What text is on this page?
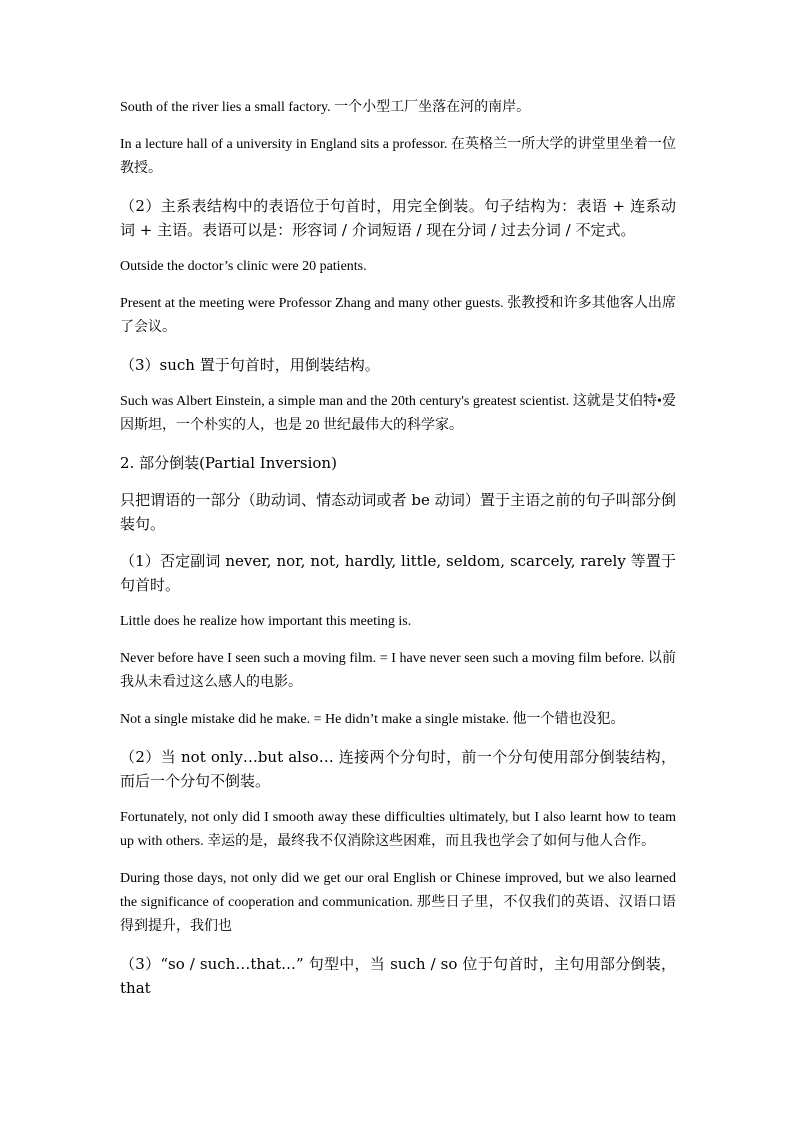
South of the river lies a small factory. 一个小型工厂坐落在河的南岸。

In a lecture hall of a university in England sits a professor. 在英格兰一所大学的讲堂里坐着一位教授。

（2）主系表结构中的表语位于句首时，用完全倒装。句子结构为：表语 + 连系动词 + 主语。表语可以是：形容词 / 介词短语 / 现在分词 / 过去分词 / 不定式。

Outside the doctor’s clinic were 20 patients.

Present at the meeting were Professor Zhang and many other guests. 张教授和许多其他客人出席了会议。

（3）such 置于句首时，用倒装结构。

Such was Albert Einstein, a simple man and the 20th century's greatest scientist. 这就是艾伯特•爱因斯坦，一个朴实的人，也是 20 世纪最伟大的科学家。

2. 部分倒装(Partial Inversion)

只把谓语的一部分（助动词、情态动词或者 be 动词）置于主语之前的句子叫部分倒装句。

（1）否定副词 never, nor, not, hardly, little, seldom, scarcely, rarely 等置于句首时。

Little does he realize how important this meeting is.

Never before have I seen such a moving film. = I have never seen such a moving film before. 以前我从未看过这么感人的电影。

Not a single mistake did he make. = He didn’t make a single mistake. 他一个错也没犯。

（2）当 not only…but also… 连接两个分句时，前一个分句使用部分倒装结构，而后一个分句不倒装。

Fortunately, not only did I smooth away these difficulties ultimately, but I also learnt how to team up with others. 幸运的是，最终我不仅消除这些困难，而且我也学会了如何与他人合作。

During those days, not only did we get our oral English or Chinese improved, but we also learned the significance of cooperation and communication. 那些日子里，不仅我们的英语、汉语口语得到提升，我们也

（3）“so / such…that…” 句型中，当 such / so 位于句首时，主句用部分倒装，that
